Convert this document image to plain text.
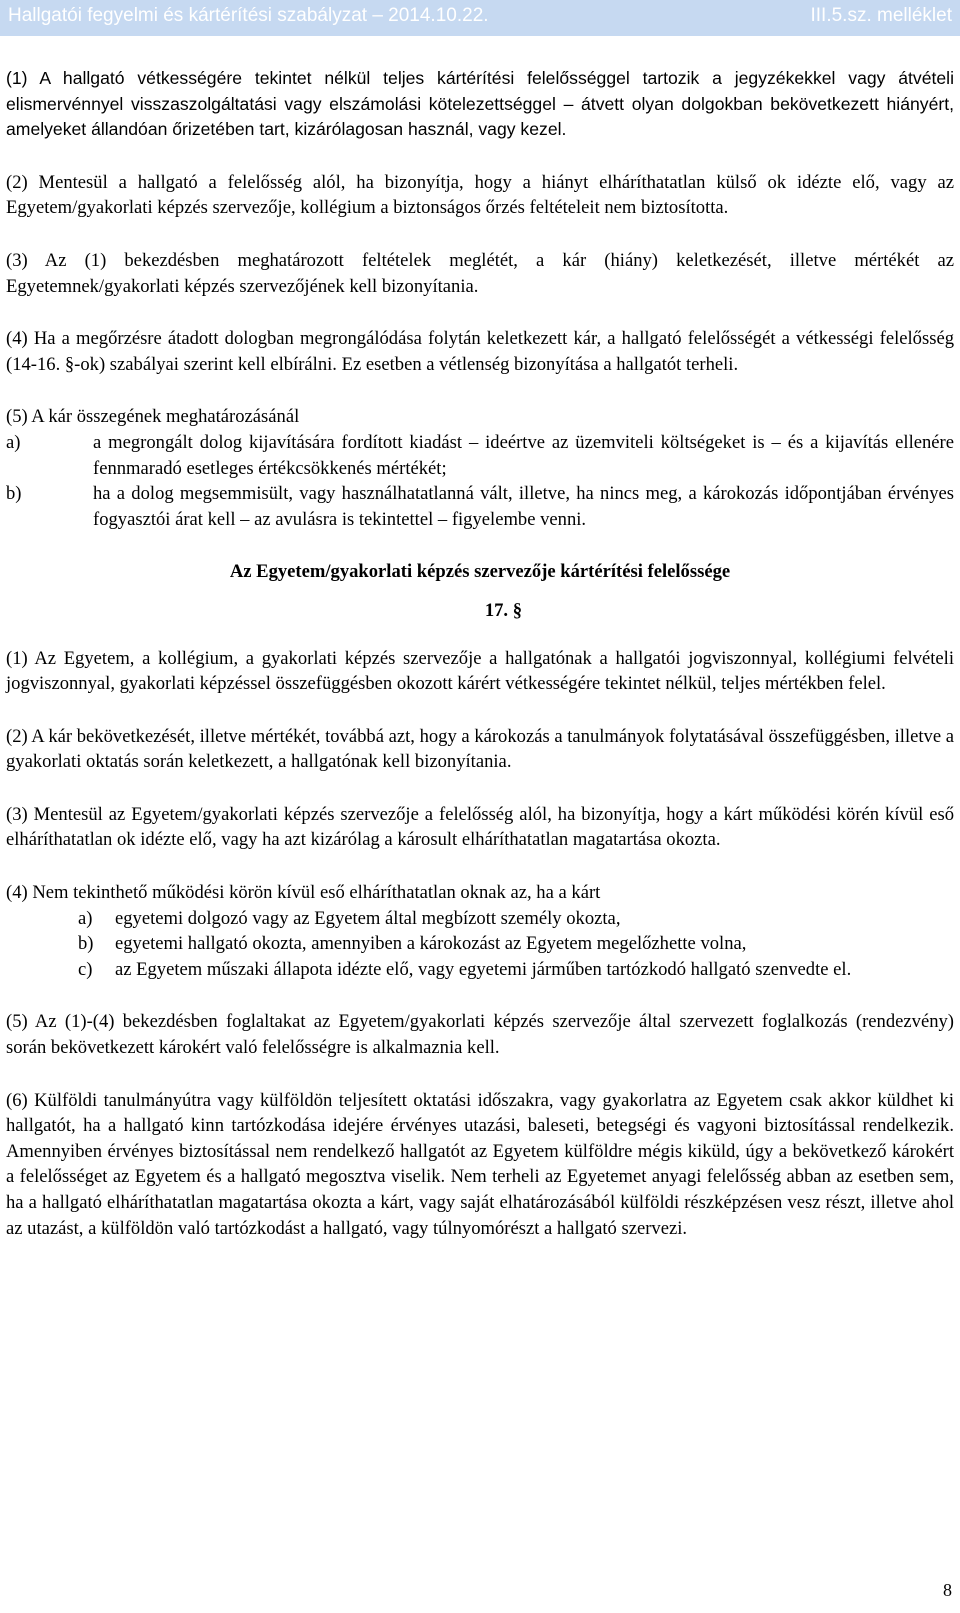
Hallgatói fegyelmi és kártérítési szabályzat – 2014.10.22.	III.5.sz. melléklet

(1) A hallgató vétkességére tekintet nélkül teljes kártérítési felelősséggel tartozik a jegyzékekkel vagy átvételi elismervénnyel visszaszolgáltatási vagy elszámolási kötelezettséggel – átvett olyan dolgokban bekövetkezett hiányért, amelyeket állandóan őrizetében tart, kizárólagosan használ, vagy kezel.

(2) Mentesül a hallgató a felelősség alól, ha bizonyítja, hogy a hiányt elháríthatatlan külső ok idézte elő, vagy az Egyetem/gyakorlati képzés szervezője, kollégium a biztonságos őrzés feltételeit nem biztosította.

(3) Az (1) bekezdésben meghatározott feltételek meglétét, a kár (hiány) keletkezését, illetve mértékét az Egyetemnek/gyakorlati képzés szervezőjének kell bizonyítania.

(4) Ha a megőrzésre átadott dologban megrongálódása folytán keletkezett kár, a hallgató felelősségét a vétkességi felelősség (14-16. §-ok) szabályai szerint kell elbírálni. Ez esetben a vétlenség bizonyítása a hallgatót terheli.

(5) A kár összegének meghatározásánál

a)	a megrongált dolog kijavítására fordított kiadást – ideértve az üzemviteli költségeket is – és a kijavítás ellenére fennmaradó esetleges értékcsökkenés mértékét;
b)	ha a dolog megsemmisült, vagy használhatatlanná vált, illetve, ha nincs meg, a károkozás időpontjában érvényes fogyasztói árat kell – az avulásra is tekintettel – figyelembe venni.

Az Egyetem/gyakorlati képzés szervezője kártérítési felelőssége

17. §

(1) Az Egyetem, a kollégium, a gyakorlati képzés szervezője a hallgatónak a hallgatói jogviszonnyal, kollégiumi felvételi jogviszonnyal, gyakorlati képzéssel összefüggésben okozott kárért vétkességére tekintet nélkül, teljes mértékben felel.

(2) A kár bekövetkezését, illetve mértékét, továbbá azt, hogy a károkozás a tanulmányok folytatásával összefüggésben, illetve a gyakorlati oktatás során keletkezett, a hallgatónak kell bizonyítania.

(3) Mentesül az Egyetem/gyakorlati képzés szervezője a felelősség alól, ha bizonyítja, hogy a kárt működési körén kívül eső elháríthatatlan ok idézte elő, vagy ha azt kizárólag a károsult elháríthatatlan magatartása okozta.

(4) Nem tekinthető működési körön kívül eső elháríthatatlan oknak az, ha a kárt

a) egyetemi dolgozó vagy az Egyetem által megbízott személy okozta,
b) egyetemi hallgató okozta, amennyiben a károkozást az Egyetem megelőzhette volna,
c) az Egyetem műszaki állapota idézte elő, vagy egyetemi járműben tartózkodó hallgató szenvedte el.

(5) Az (1)-(4) bekezdésben foglaltakat az Egyetem/gyakorlati képzés szervezője által szervezett foglalkozás (rendezvény) során bekövetkezett károkért való felelősségre is alkalmaznia kell.

(6) Külföldi tanulmányútra vagy külföldön teljesített oktatási időszakra, vagy gyakorlatra az Egyetem csak akkor küldhet ki hallgatót, ha a hallgató kinn tartózkodása idejére érvényes utazási, baleseti, betegségi és vagyoni biztosítással rendelkezik. Amennyiben érvényes biztosítással nem rendelkező hallgatót az Egyetem külföldre mégis kiküld, úgy a bekövetkező károkért a felelősséget az Egyetem és a hallgató megosztva viselik. Nem terheli az Egyetemet anyagi felelősség abban az esetben sem, ha a hallgató elháríthatatlan magatartása okozta a kárt, vagy saját elhatározásából külföldi részképzésen vesz részt, illetve ahol az utazást, a külföldön való tartózkodást a hallgató, vagy túlnyomórészt a hallgató szervezi.

8
